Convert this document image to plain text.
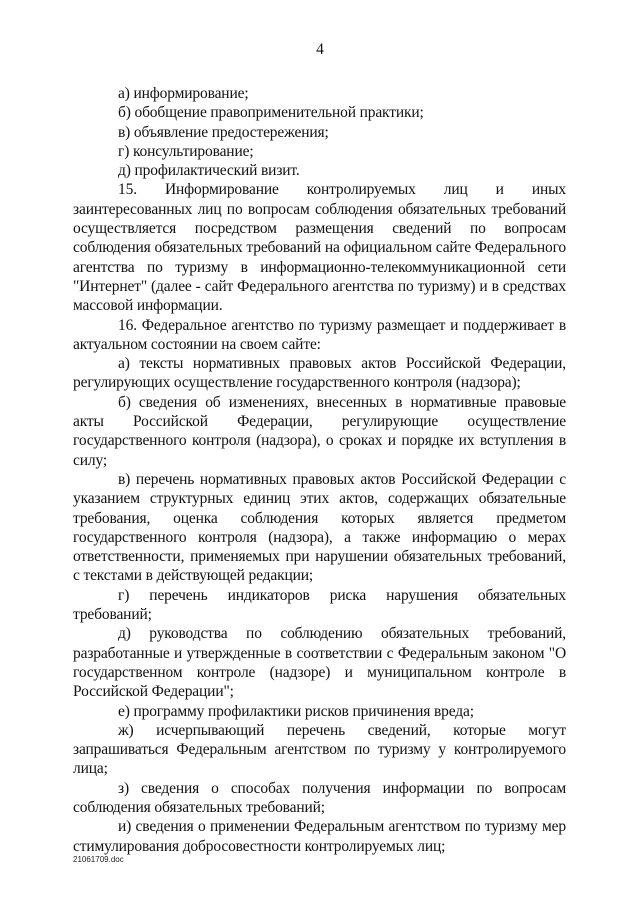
4

а) информирование;

б) обобщение правоприменительной практики;

в) объявление предостережения;

г) консультирование;

д) профилактический визит.

15. Информирование контролируемых лиц и иных заинтересованных лиц по вопросам соблюдения обязательных требований осуществляется посредством размещения сведений по вопросам соблюдения обязательных требований на официальном сайте Федерального агентства по туризму в информационно-телекоммуникационной сети "Интернет" (далее - сайт Федерального агентства по туризму) и в средствах массовой информации.

16. Федеральное агентство по туризму размещает и поддерживает в актуальном состоянии на своем сайте:

а) тексты нормативных правовых актов Российской Федерации, регулирующих осуществление государственного контроля (надзора);

б) сведения об изменениях, внесенных в нормативные правовые акты Российской Федерации, регулирующие осуществление государственного контроля (надзора), о сроках и порядке их вступления в силу;

в) перечень нормативных правовых актов Российской Федерации с указанием структурных единиц этих актов, содержащих обязательные требования, оценка соблюдения которых является предметом государственного контроля (надзора), а также информацию о мерах ответственности, применяемых при нарушении обязательных требований, с текстами в действующей редакции;

г) перечень индикаторов риска нарушения обязательных требований;

д) руководства по соблюдению обязательных требований, разработанные и утвержденные в соответствии с Федеральным законом "О государственном контроле (надзоре) и муниципальном контроле в Российской Федерации";

е) программу профилактики рисков причинения вреда;

ж) исчерпывающий перечень сведений, которые могут запрашиваться Федеральным агентством по туризму у контролируемого лица;

з) сведения о способах получения информации по вопросам соблюдения обязательных требований;

и) сведения о применении Федеральным агентством по туризму мер стимулирования добросовестности контролируемых лиц;

21061709.doc
